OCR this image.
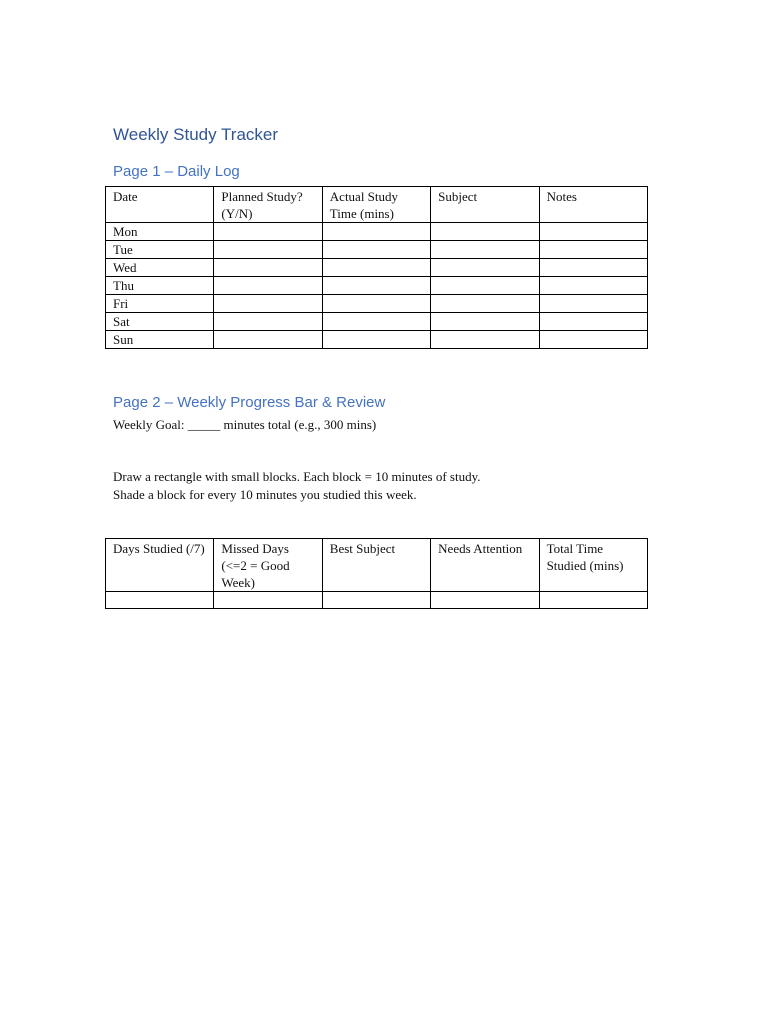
Weekly Study Tracker
Page 1 – Daily Log
Date	Planned Study? (Y/N)	Actual Study Time (mins)	Subject	Notes
Mon				
Tue				
Wed				
Thu				
Fri				
Sat				
Sun				
Page 2 – Weekly Progress Bar & Review

Weekly Goal: _____ minutes total (e.g., 300 mins)

Draw a rectangle with small blocks. Each block = 10 minutes of study.

Shade a block for every 10 minutes you studied this week.

Days Studied (/7)	Missed Days (<=2 = Good Week)	Best Subject	Needs Attention	Total Time Studied (mins)
